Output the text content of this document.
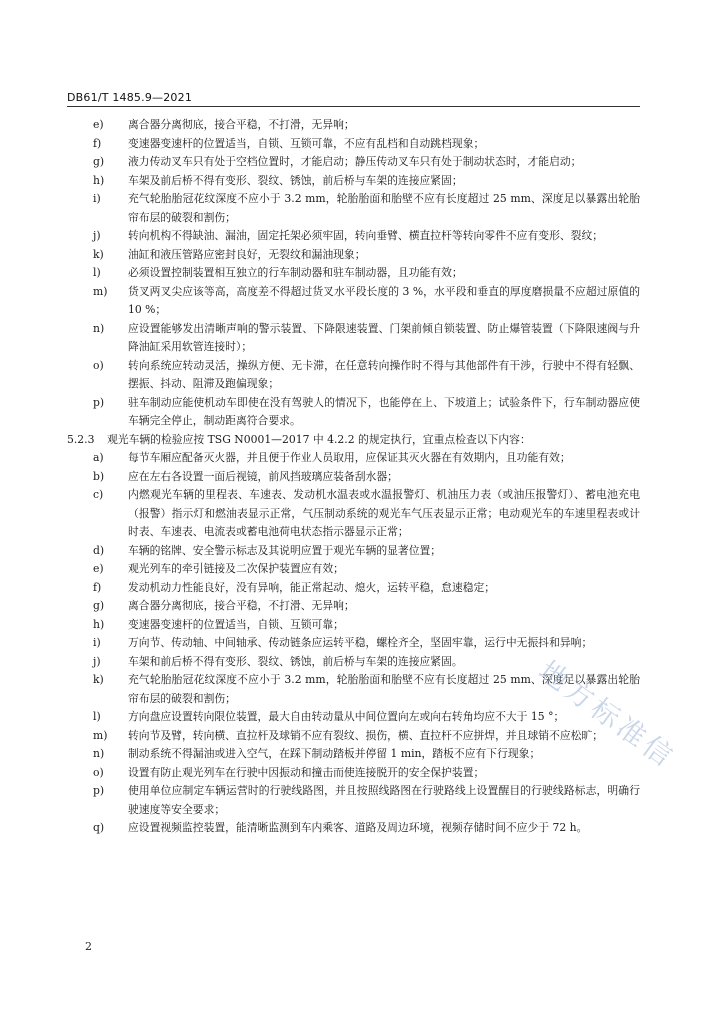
DB61/T 1485.9—2021
e)	离合器分离彻底，接合平稳，不打滑，无异响；
f)	变速器变速杆的位置适当，自锁、互锁可靠，不应有乱档和自动跳档现象；
g)	液力传动叉车只有处于空档位置时，才能启动；静压传动叉车只有处于制动状态时，才能启动；
h)	车架及前后桥不得有变形、裂纹、锈蚀，前后桥与车架的连接应紧固；
i)	充气轮胎胎冠花纹深度不应小于 3.2 mm，轮胎胎面和胎壁不应有长度超过 25 mm、深度足以暴露出轮胎帘布层的破裂和割伤；
j)	转向机构不得缺油、漏油，固定托架必须牢固，转向垂臂、横直拉杆等转向零件不应有变形、裂纹；
k)	油缸和液压管路应密封良好，无裂纹和漏油现象；
l)	必须设置控制装置相互独立的行车制动器和驻车制动器，且功能有效；
m)	货叉两叉尖应该等高，高度差不得超过货叉水平段长度的 3 %，水平段和垂直的厚度磨损量不应超过原值的 10 %；
n)	应设置能够发出清晰声响的警示装置、下降限速装置、门架前倾自锁装置、防止爆管装置（下降限速阀与升降油缸采用软管连接时）；
o)	转向系统应转动灵活，操纵方便、无卡滞，在任意转向操作时不得与其他部件有干涉，行驶中不得有轻飘、摆振、抖动、阻滞及跑偏现象；
p)	驻车制动应能使机动车即使在没有驾驶人的情况下，也能停在上、下坡道上；试验条件下，行车制动器应使车辆完全停止，制动距离符合要求。
5.2.3 观光车辆的检验应按 TSG N0001—2017 中 4.2.2 的规定执行，宜重点检查以下内容：
a)	每节车厢应配备灭火器，并且便于作业人员取用，应保证其灭火器在有效期内，且功能有效；
b)	应在左右各设置一面后视镜，前风挡玻璃应装备刮水器；
c)	内燃观光车辆的里程表、车速表、发动机水温表或水温报警灯、机油压力表（或油压报警灯）、蓄电池充电（报警）指示灯和燃油表显示正常，气压制动系统的观光车气压表显示正常；电动观光车的车速里程表或计时表、车速表、电流表或蓄电池荷电状态指示器显示正常；
d)	车辆的铭牌、安全警示标志及其说明应置于观光车辆的显著位置；
e)	观光列车的牵引链接及二次保护装置应有效；
f)	发动机动力性能良好，没有异响，能正常起动、熄火，运转平稳，怠速稳定；
g)	离合器分离彻底，接合平稳，不打滑、无异响；
h)	变速器变速杆的位置适当，自锁、互锁可靠；
i)	万向节、传动轴、中间轴承、传动链条应运转平稳，螺栓齐全，坚固牢靠，运行中无振抖和异响；
j)	车架和前后桥不得有变形、裂纹、锈蚀，前后桥与车架的连接应紧固。
k)	充气轮胎胎冠花纹深度不应小于 3.2 mm，轮胎胎面和胎壁不应有长度超过 25 mm、深度足以暴露出轮胎帘布层的破裂和割伤；
l)	方向盘应设置转向限位装置，最大自由转动量从中间位置向左或向右转角均应不大于 15 °；
m)	转向节及臂，转向横、直拉杆及球销不应有裂纹、损伤，横、直拉杆不应拼焊，并且球销不应松旷；
n)	制动系统不得漏油或进入空气，在踩下制动踏板并停留 1 min，踏板不应有下行现象；
o)	设置有防止观光列车在行驶中因振动和撞击而使连接脱开的安全保护装置；
p)	使用单位应制定车辆运营时的行驶线路图，并且按照线路图在行驶路线上设置醒目的行驶线路标志，明确行驶速度等安全要求；
q)	应设置视频监控装置，能清晰监测到车内乘客、道路及周边环境，视频存储时间不应少于 72 h。
地方标准信
2
